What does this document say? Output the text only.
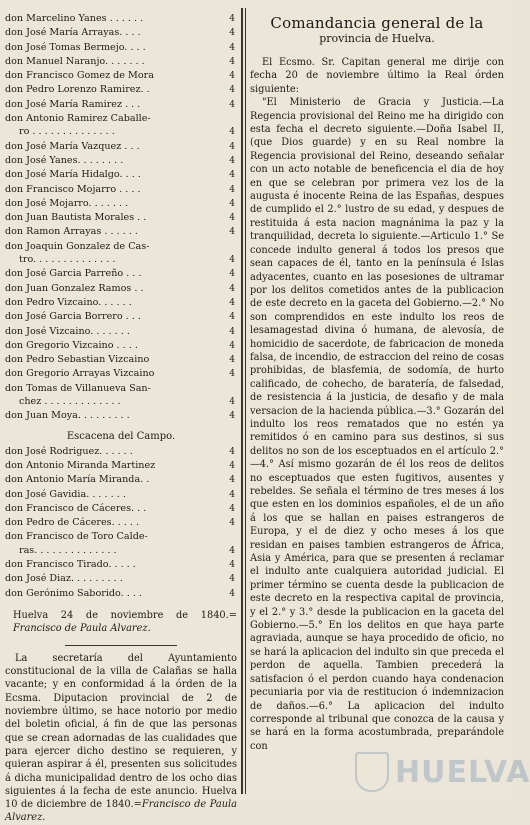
don Marcelino Yanes . . . . . .	4
don José María Arrayas. . . .	4
don José Tomas Bermejo. . . .	4
don Manuel Naranjo. . . . . . .	4
don Francisco Gomez de Mora	4
don Pedro Lorenzo Ramirez. .	4
don José María Ramirez . . .	4
don Antonio Ramirez Caballe-
ro . . . . . . . . . . . . . .	4
don José María Vazquez . . .	4
don José Yanes. . . . . . . .	4
don José María Hidalgo. . . .	4
don Francisco Mojarro . . . .	4
don José Mojarro. . . . . . .	4
don Juan Bautista Morales . .	4
don Ramon Arrayas . . . . . .	4
don Joaquin Gonzalez de Cas-
tro. . . . . . . . . . . . . .	4
don José Garcia Parreño . . .	4
don Juan Gonzalez Ramos . .	4
don Pedro Vizcaino. . . . . .	4
don José Garcia Borrero . . .	4
don José Vizcaino. . . . . . .	4
don Gregorio Vizcaino . . . .	4
don Pedro Sebastian Vizcaino	4
don Gregorio Arrayas Vizcaino	4
don Tomas de Villanueva San-
chez . . . . . . . . . . . . .	4
don Juan Moya. . . . . . . . .	4
Escacena del Campo.
don José Rodriguez. . . . . .	4
don Antonio Miranda Martinez	4
don Antonio María Miranda. .	4
don José Gavidia. . . . . . .	4
don Francisco de Cáceres. . .	4
don Pedro de Cáceres. . . . .	4
don Francisco de Toro Calde-
ras. . . . . . . . . . . . . .	4
don Francisco Tirado. . . . .	4
don José Diaz. . . . . . . . .	4
don Gerónimo Saborido. . . .	4

Huelva 24 de noviembre de 1840.= Francisco de Paula Alvarez.

La secretaría del Ayuntamiento constitucional de la villa de Calañas se halla vacante; y en conformidad á la órden de la Ecsma. Diputacion provincial de 2 de noviembre último, se hace notorio por medio del boletin oficial, á fin de que las personas que se crean adornadas de las cualidades que para ejercer dicho destino se requieren, y quieran aspirar á él, presenten sus solicitudes á dicha municipalidad dentro de los ocho dias siguientes á la fecha de este anuncio. Huelva 10 de diciembre de 1840.=Francisco de Paula Alvarez.

Comandancia general de la
provincia de Huelva.

El Ecsmo. Sr. Capitan general me dirije con fecha 20 de noviembre último la Real órden siguiente:

"El Ministerio de Gracia y Justicia.—La Regencia provisional del Reino me ha dirigido con esta fecha el decreto siguiente.—Doña Isabel II, (que Dios guarde) y en su Real nombre la Regencia provisional del Reino, deseando señalar con un acto notable de beneficencia el dia de hoy en que se celebran por primera vez los de la augusta é inocente Reina de las Españas, despues de cumplido el 2.° lustro de su edad, y despues de restituida á esta nacion magnánima la paz y la tranquilidad, decreta lo siguiente.—Articulo 1.° Se concede indulto general á todos los presos que sean capaces de él, tanto en la península é Islas adyacentes, cuanto en las posesiones de ultramar por los delitos cometidos antes de la publicacion de este decreto en la gaceta del Gobierno.—2.° No son comprendidos en este indulto los reos de lesamagestad divina ó humana, de alevosía, de homicidio de sacerdote, de fabricacion de moneda falsa, de incendio, de estraccion del reino de cosas prohibidas, de blasfemia, de sodomía, de hurto calificado, de cohecho, de baratería, de falsedad, de resistencia á la justicia, de desafio y de mala versacion de la hacienda pública.—3.° Gozarán del indulto los reos rematados que no estén ya remitidos ó en camino para sus destinos, si sus delitos no son de los esceptuados en el artículo 2.°—4.° Así mismo gozarán de él los reos de delitos no esceptuados que esten fugitivos, ausentes y rebeldes. Se señala el término de tres meses á los que esten en los dominios españoles, el de un año á los que se hallan en paises estrangeros de Europa, y el de diez y ocho meses á los que residan en paises tambien estrangeros de África, Asia y América, para que se presenten á reclamar el indulto ante cualquiera autoridad judicial. El primer término se cuenta desde la publicacion de este decreto en la respectiva capital de provincia, y el 2.° y 3.° desde la publicacion en la gaceta del Gobierno.—5.° En los delitos en que haya parte agraviada, aunque se haya procedido de oficio, no se hará la aplicacion del indulto sin que preceda el perdon de aquella. Tambien precederá la satisfacion ó el perdon cuando haya condenacion pecuniaria por via de restitucion ó indemnizacion de daños.—6.° La aplicacion del indulto corresponde al tribunal que conozca de la causa y se hará en la forma acostumbrada, preparándole con

HUELVA
